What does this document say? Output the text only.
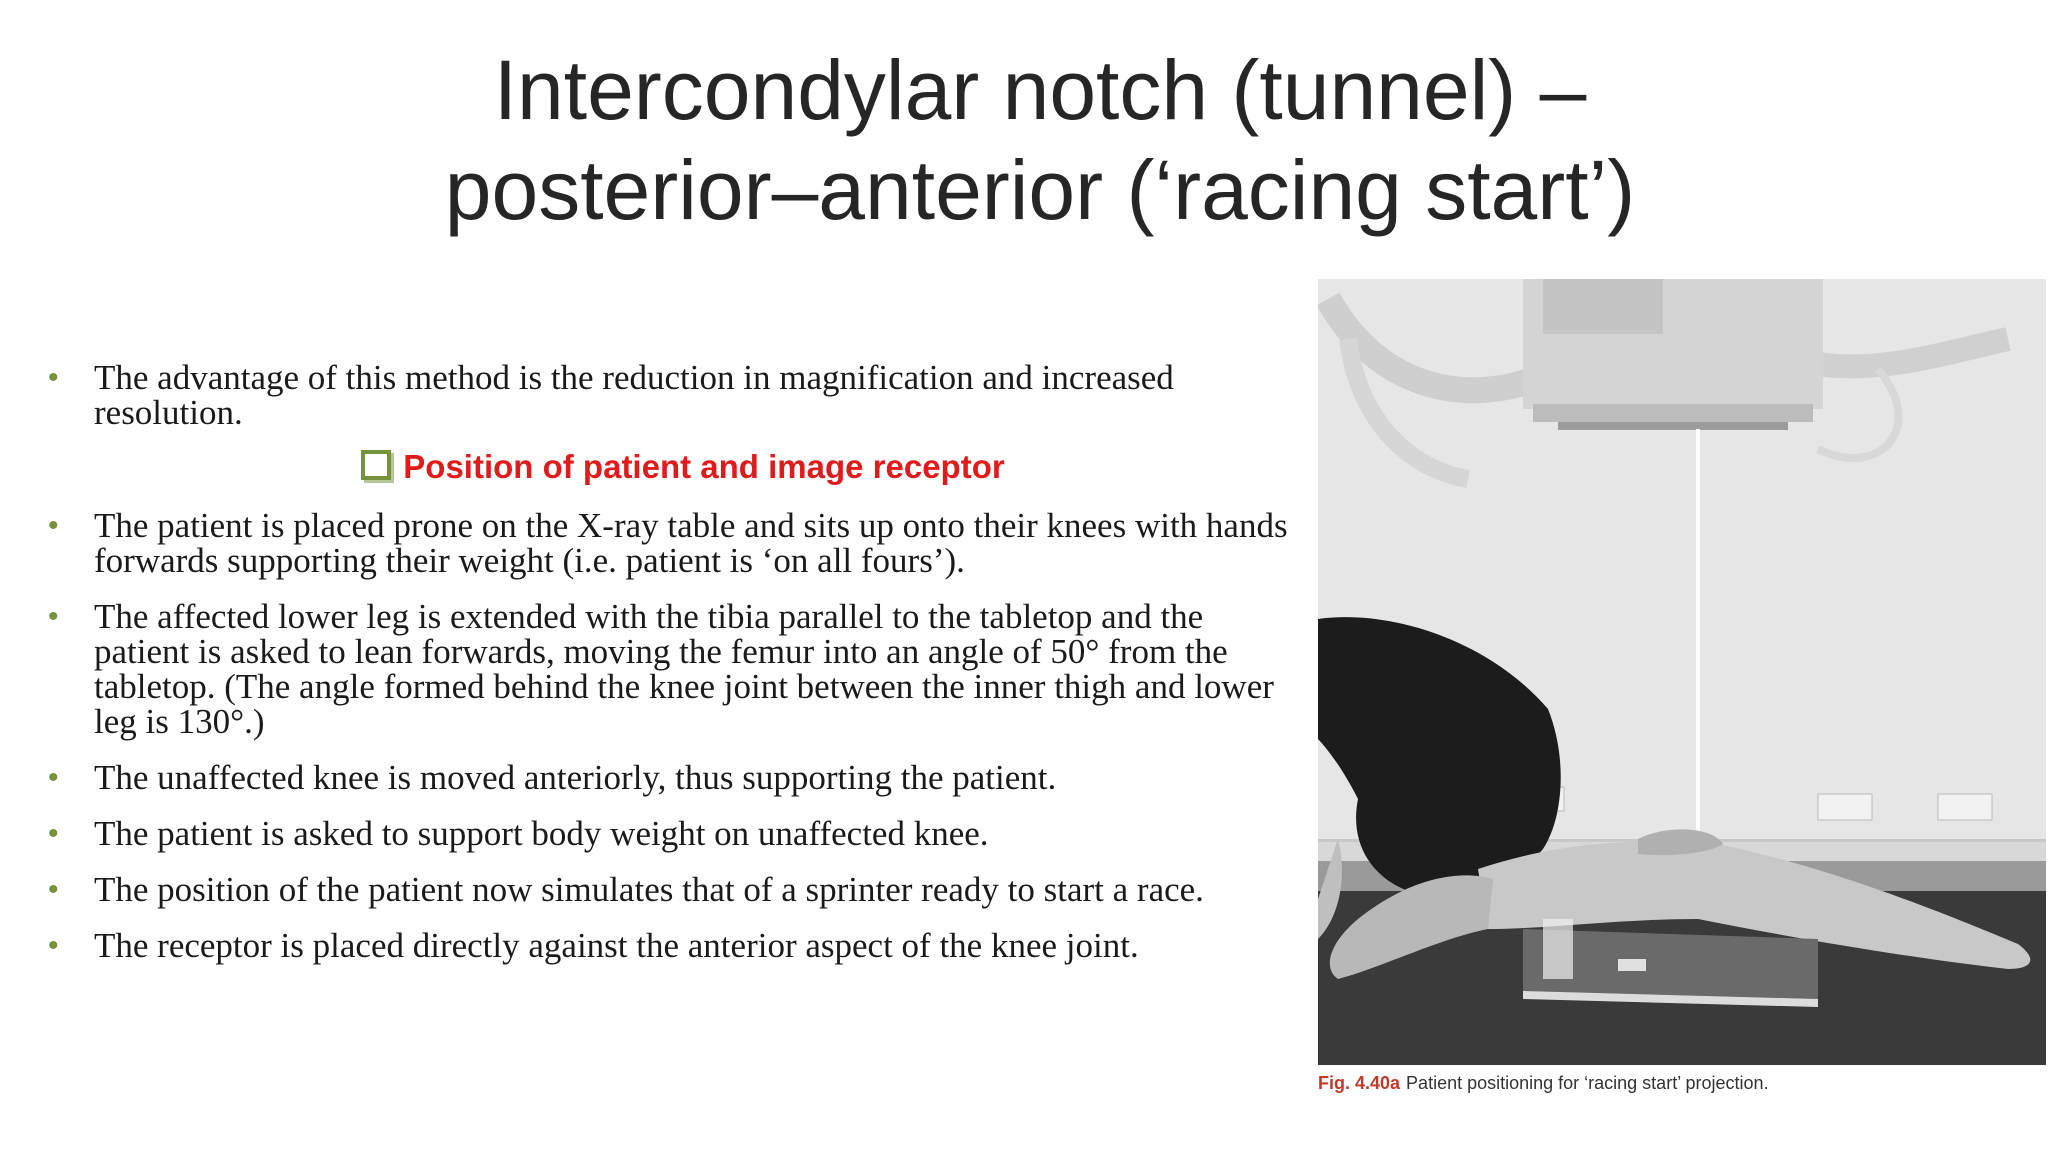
Intercondylar notch (tunnel) –
posterior–anterior (‘racing start’)
• The advantage of this method is the reduction in magnification and increased resolution.
Position of patient and image receptor
• The patient is placed prone on the X-ray table and sits up onto their knees with hands forwards supporting their weight (i.e. patient is ‘on all fours’).
• The affected lower leg is extended with the tibia parallel to the tabletop and the patient is asked to lean forwards, moving the femur into an angle of 50° from the tabletop. (The angle formed behind the knee joint between the inner thigh and lower leg is 130°.)
• The unaffected knee is moved anteriorly, thus supporting the patient.
• The patient is asked to support body weight on unaffected knee.
• The position of the patient now simulates that of a sprinter ready to start a race.
• The receptor is placed directly against the anterior aspect of the knee joint.
Fig. 4.40a Patient positioning for ‘racing start’ projection.
